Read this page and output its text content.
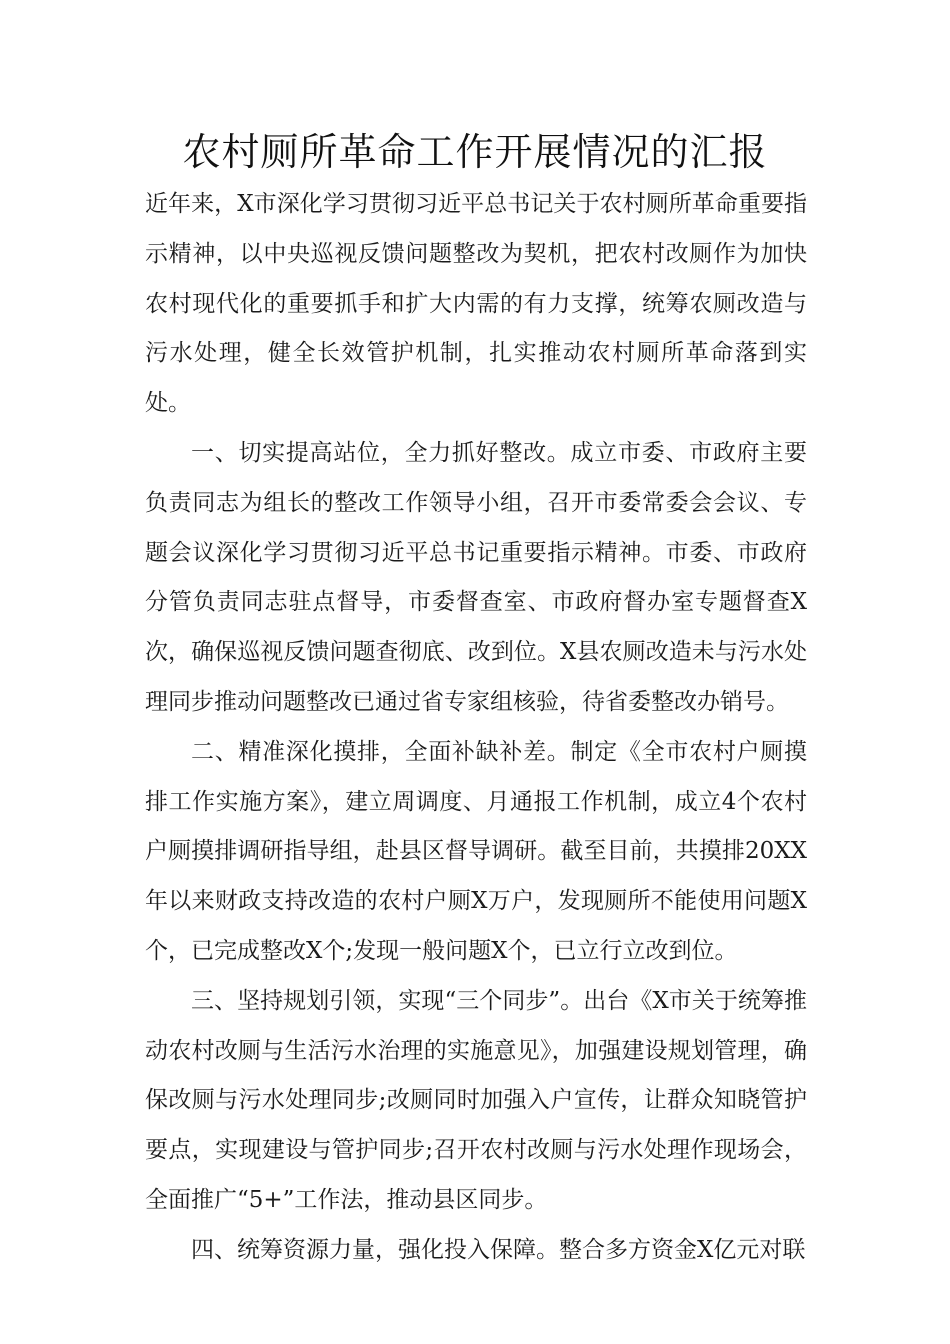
农村厕所革命工作开展情况的汇报

近年来，X市深化学习贯彻习近平总书记关于农村厕所革命重要指示精神，以中央巡视反馈问题整改为契机，把农村改厕作为加快农村现代化的重要抓手和扩大内需的有力支撑，统筹农厕改造与污水处理，健全长效管护机制，扎实推动农村厕所革命落到实处。

一、切实提高站位，全力抓好整改。成立市委、市政府主要负责同志为组长的整改工作领导小组，召开市委常委会会议、专题会议深化学习贯彻习近平总书记重要指示精神。市委、市政府分管负责同志驻点督导，市委督查室、市政府督办室专题督查X次，确保巡视反馈问题查彻底、改到位。X县农厕改造未与污水处理同步推动问题整改已通过省专家组核验，待省委整改办销号。

二、精准深化摸排，全面补缺补差。制定《全市农村户厕摸排工作实施方案》，建立周调度、月通报工作机制，成立4个农村户厕摸排调研指导组，赴县区督导调研。截至目前，共摸排20XX年以来财政支持改造的农村户厕X万户，发现厕所不能使用问题X个，已完成整改X个;发现一般问题X个，已立行立改到位。

三、坚持规划引领，实现“三个同步”。出台《X市关于统筹推动农村改厕与生活污水治理的实施意见》，加强建设规划管理，确保改厕与污水处理同步;改厕同时加强入户宣传，让群众知晓管护要点，实现建设与管护同步;召开农村改厕与污水处理作现场会，全面推广“5+”工作法，推动县区同步。

四、统筹资源力量，强化投入保障。整合多方资金X亿元对联
